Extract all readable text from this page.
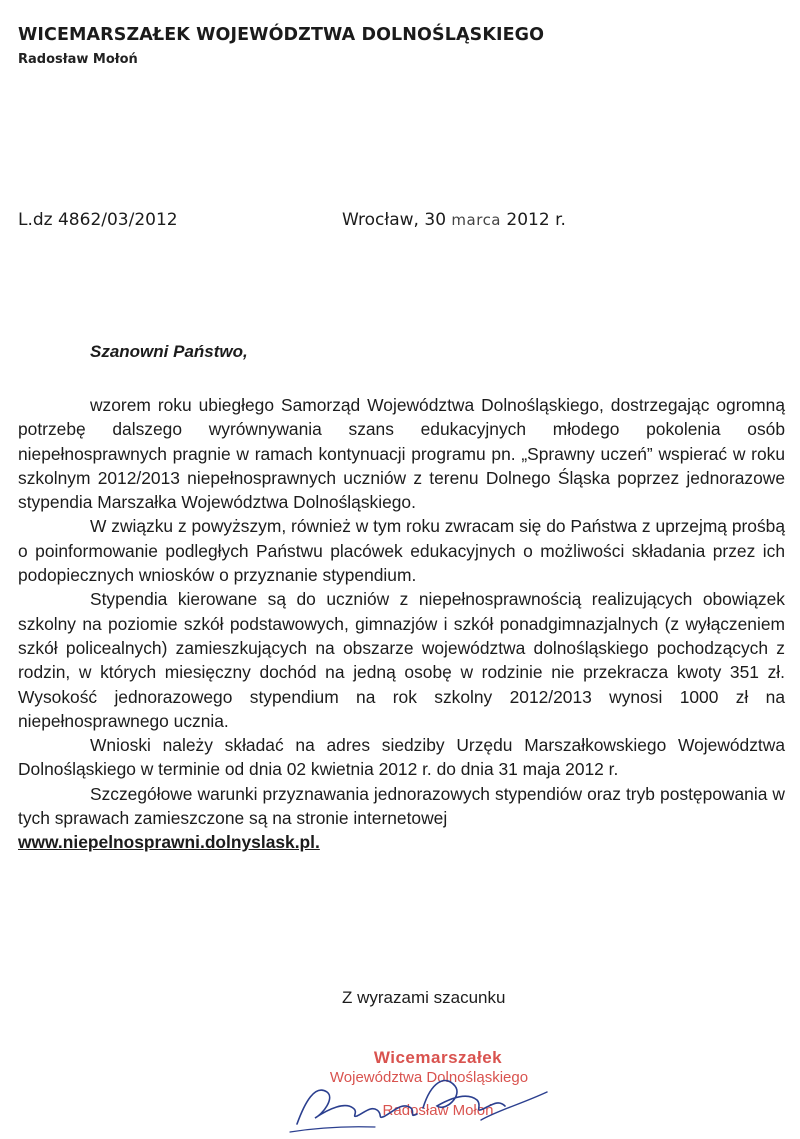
WICEMARSZAŁEK WOJEWÓDZTWA DOLNOŚLĄSKIEGO
Radosław Mołoń
L.dz 4862/03/2012	Wrocław, 30 marca 2012 r.
Szanowni Państwo,

wzorem roku ubiegłego Samorząd Województwa Dolnośląskiego, dostrzegając ogromną potrzebę dalszego wyrównywania szans edukacyjnych młodego pokolenia osób niepełnosprawnych pragnie w ramach kontynuacji programu pn. „Sprawny uczeń” wspierać w roku szkolnym 2012/2013 niepełnosprawnych uczniów z terenu Dolnego Śląska poprzez jednorazowe stypendia Marszałka Województwa Dolnośląskiego.

W związku z powyższym, również w tym roku zwracam się do Państwa z uprzejmą prośbą o poinformowanie podległych Państwu placówek edukacyjnych o możliwości składania przez ich podopiecznych wniosków o przyznanie stypendium.

Stypendia kierowane są do uczniów z niepełnosprawnością realizujących obowiązek szkolny na poziomie szkół podstawowych, gimnazjów i szkół ponadgimnazjalnych (z wyłączeniem szkół policealnych) zamieszkujących na obszarze województwa dolnośląskiego pochodzących z rodzin, w których miesięczny dochód na jedną osobę w rodzinie nie przekracza kwoty 351 zł. Wysokość jednorazowego stypendium na rok szkolny 2012/2013 wynosi 1000 zł na niepełnosprawnego ucznia.

Wnioski należy składać na adres siedziby Urzędu Marszałkowskiego Województwa Dolnośląskiego w terminie od dnia 02 kwietnia 2012 r. do dnia 31 maja 2012 r.

Szczegółowe warunki przyznawania jednorazowych stypendiów oraz tryb postępowania w tych sprawach zamieszczone są na stronie internetowej

www.niepelnosprawni.dolnyslask.pl.
Z wyrazami szacunku
Wicemarszałek
Województwa Dolnośląskiego
Radosław Mołoń
